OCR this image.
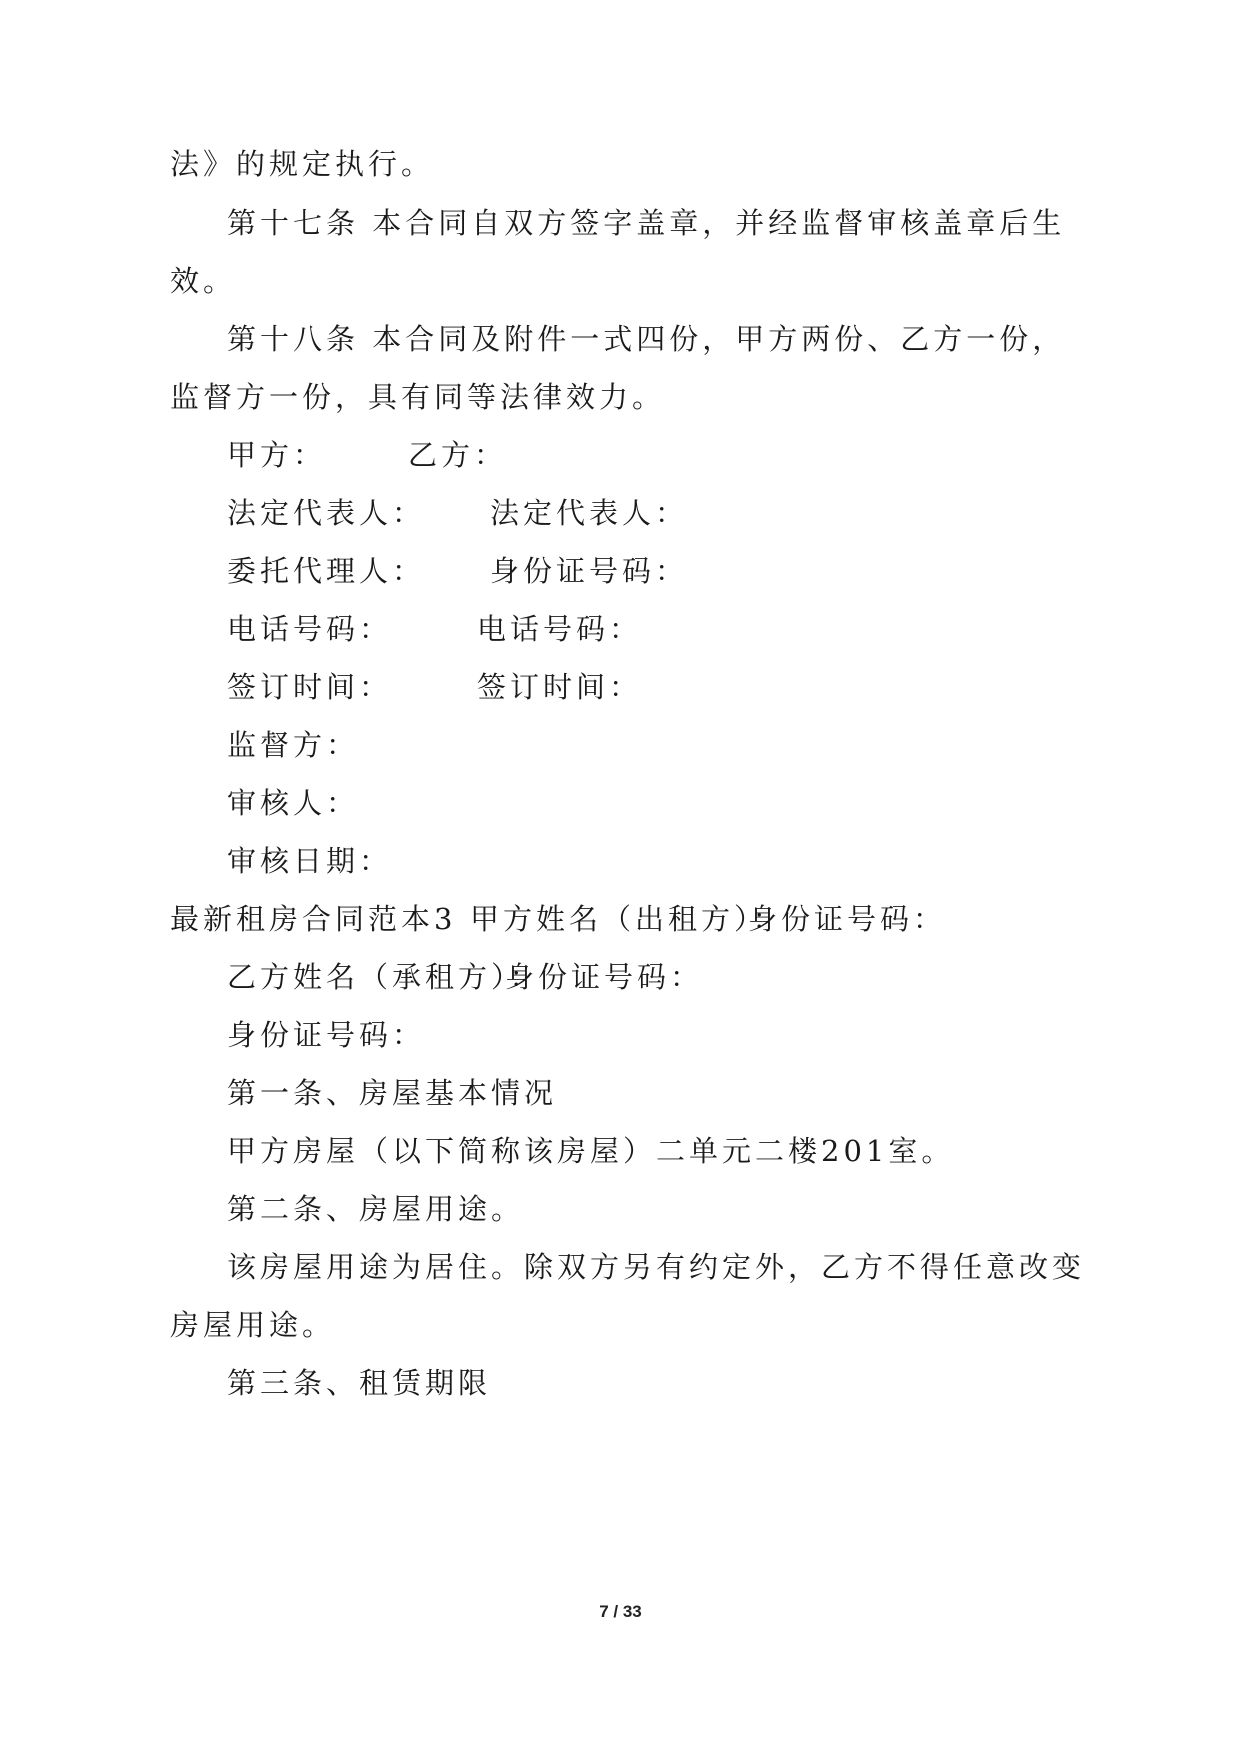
法》的规定执行。
第十七条 本合同自双方签字盖章，并经监督审核盖章后生
效。
第十八条 本合同及附件一式四份，甲方两份、乙方一份，
监督方一份，具有同等法律效力。
甲方：	乙方：
法定代表人： 法定代表人：
委托代理人： 身份证号码：
电话号码：	电话号码：
签订时间：	签订时间：
监督方：
审核人：
审核日期：
最新租房合同范本3 甲方姓名（出租方）：
身份证号码：
乙方姓名（承租方）：
身份证号码：
身份证号码：
第一条、房屋基本情况
甲方房屋（以下简称该房屋）二单元二楼201室。
第二条、房屋用途。
该房屋用途为居住。除双方另有约定外，乙方不得任意改变
房屋用途。
第三条、租赁期限
7 / 33
